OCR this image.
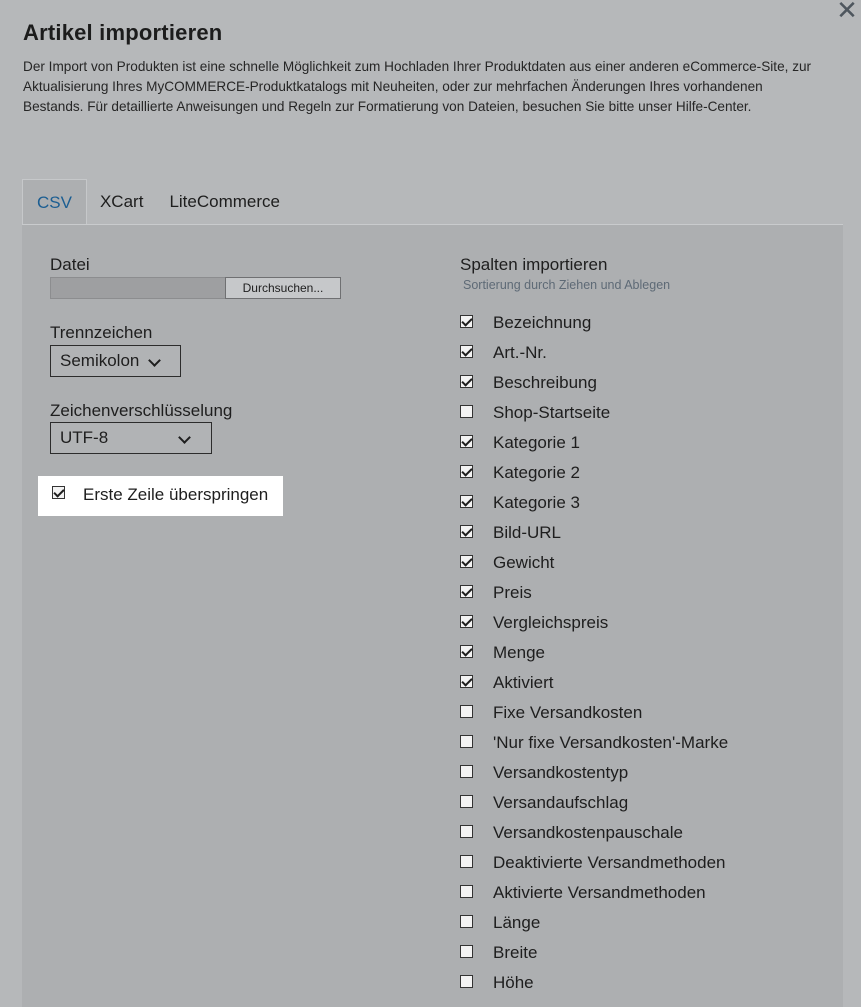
✕
Artikel importieren
Der Import von Produkten ist eine schnelle Möglichkeit zum Hochladen Ihrer Produktdaten aus einer anderen eCommerce-Site, zur Aktualisierung Ihres MyCOMMERCE-Produktkatalogs mit Neuheiten, oder zur mehrfachen Änderungen Ihres vorhandenen Bestands. Für detaillierte Anweisungen und Regeln zur Formatierung von Dateien, besuchen Sie bitte unser Hilfe-Center.
CSV	XCart	LiteCommerce
Datei
Durchsuchen...
Trennzeichen
Semikolon
Zeichenverschlüsselung
UTF-8
Erste Zeile überspringen
Spalten importieren
Sortierung durch Ziehen und Ablegen
Bezeichnung
Art.-Nr.
Beschreibung
Shop-Startseite
Kategorie 1
Kategorie 2
Kategorie 3
Bild-URL
Gewicht
Preis
Vergleichspreis
Menge
Aktiviert
Fixe Versandkosten
'Nur fixe Versandkosten'-Marke
Versandkostentyp
Versandaufschlag
Versandkostenpauschale
Deaktivierte Versandmethoden
Aktivierte Versandmethoden
Länge
Breite
Höhe
